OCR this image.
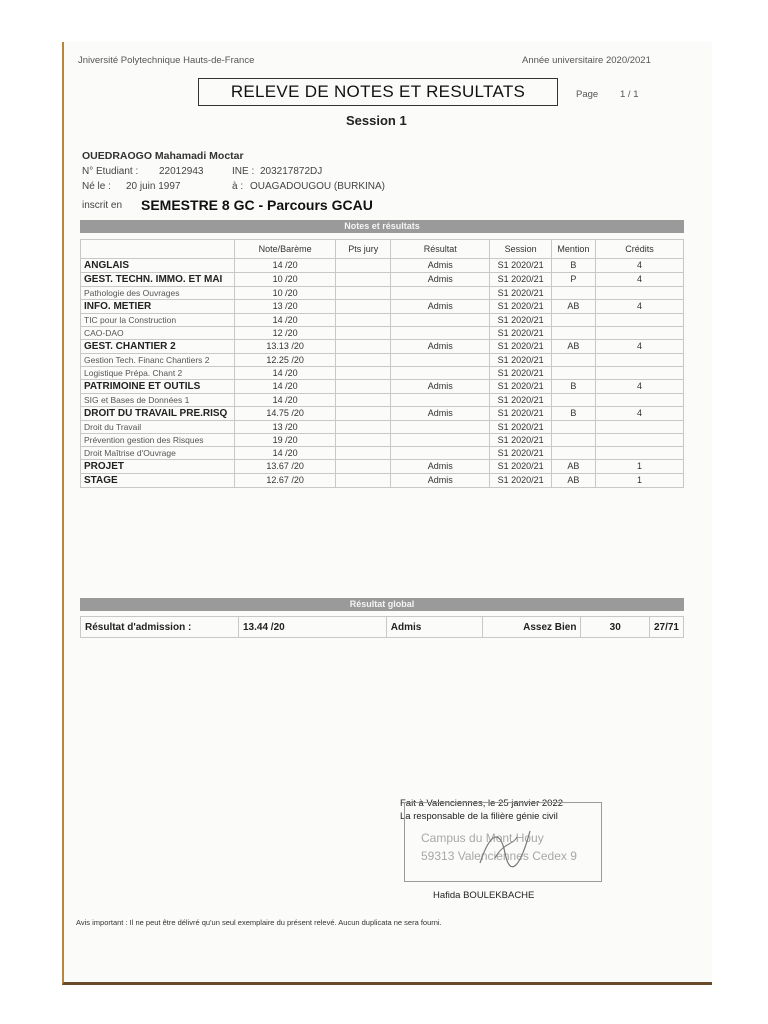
Jniversité Polytechnique Hauts-de-France	Année universitaire 2020/2021
RELEVE DE NOTES ET RESULTATS	Page 1 / 1
Session 1
OUEDRAOGO Mahamadi Moctar
N° Etudiant : 22012943	INE : 203217872DJ
Né le : 20 juin 1997	à : OUAGADOUGOU (BURKINA)
inscrit en SEMESTRE 8 GC - Parcours GCAU
Notes et résultats
	Note/Barème	Pts jury	Résultat	Session	Mention	Crédits
ANGLAIS	14 /20		Admis	S1 2020/21	B	4
GEST. TECHN. IMMO. ET MAI	10 /20		Admis	S1 2020/21	P	4
Pathologie des Ouvrages	10 /20			S1 2020/21		
INFO. METIER	13 /20		Admis	S1 2020/21	AB	4
TIC pour la Construction	14 /20			S1 2020/21		
CAO-DAO	12 /20			S1 2020/21		
GEST. CHANTIER 2	13.13 /20		Admis	S1 2020/21	AB	4
Gestion Tech. Financ Chantiers 2	12.25 /20			S1 2020/21		
Logistique Prépa. Chant 2	14 /20			S1 2020/21		
PATRIMOINE ET OUTILS	14 /20		Admis	S1 2020/21	B	4
SIG et Bases de Données 1	14 /20			S1 2020/21		
DROIT DU TRAVAIL PRE.RISQ	14.75 /20		Admis	S1 2020/21	B	4
Droit du Travail	13 /20			S1 2020/21		
Prévention gestion des Risques	19 /20			S1 2020/21		
Droit Maîtrise d'Ouvrage	14 /20			S1 2020/21		
PROJET	13.67 /20		Admis	S1 2020/21	AB	1
STAGE	12.67 /20		Admis	S1 2020/21	AB	1
Résultat global
Résultat d'admission :	13.44 /20	Admis	Assez Bien	30	27/71
Fait à Valenciennes, le 25 janvier 2022
La responsable de la filière génie civil
Campus du Mont Houy
59313 Valenciennes Cedex 9
Hafida BOULEKBACHE
Avis important : Il ne peut être délivré qu'un seul exemplaire du présent relevé. Aucun duplicata ne sera fourni.
